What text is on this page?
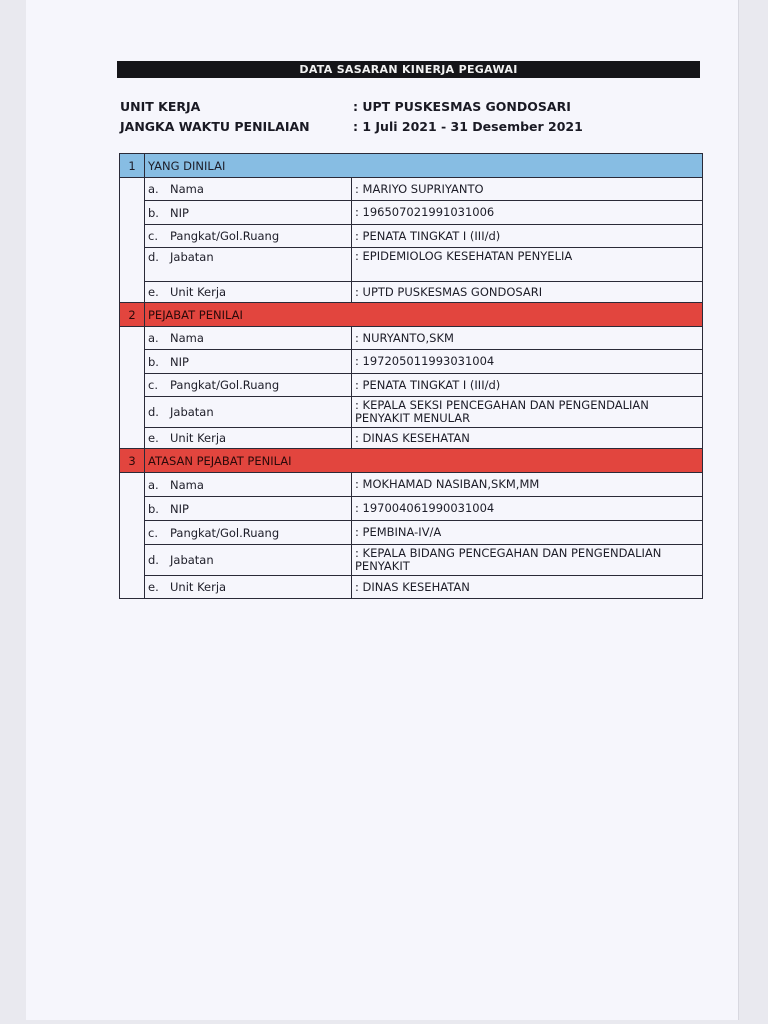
DATA SASARAN KINERJA PEGAWAI
UNIT KERJA	: UPT PUSKESMAS GONDOSARI
JANGKA WAKTU PENILAIAN	: 1 Juli 2021 - 31 Desember 2021
1	YANG DINILAI	
	a. Nama	: MARIYO SUPRIYANTO
	b. NIP	: 196507021991031006
	c. Pangkat/Gol.Ruang	: PENATA TINGKAT I (III/d)
	d. Jabatan	: EPIDEMIOLOG KESEHATAN PENYELIA
	e. Unit Kerja	: UPTD PUSKESMAS GONDOSARI
2	PEJABAT PENILAI	
	a. Nama	: NURYANTO,SKM
	b. NIP	: 197205011993031004
	c. Pangkat/Gol.Ruang	: PENATA TINGKAT I (III/d)
	d. Jabatan	: KEPALA SEKSI PENCEGAHAN DAN PENGENDALIAN PENYAKIT MENULAR
	e. Unit Kerja	: DINAS KESEHATAN
3	ATASAN PEJABAT PENILAI	
	a. Nama	: MOKHAMAD NASIBAN,SKM,MM
	b. NIP	: 197004061990031004
	c. Pangkat/Gol.Ruang	: PEMBINA-IV/A
	d. Jabatan	: KEPALA BIDANG PENCEGAHAN DAN PENGENDALIAN PENYAKIT
	e. Unit Kerja	: DINAS KESEHATAN
